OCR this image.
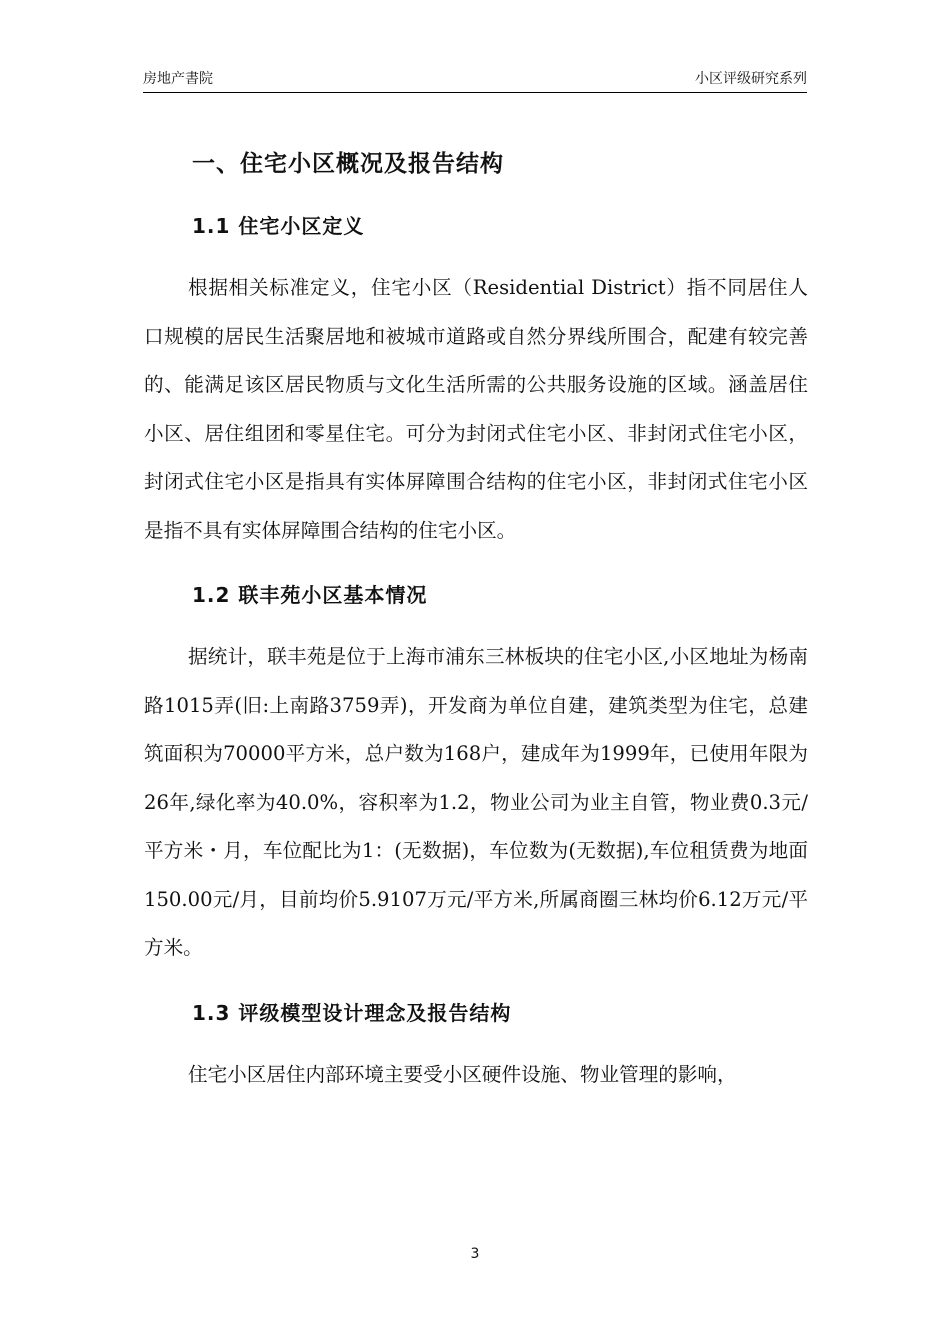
房地产書院	小区评级研究系列
一、住宅小区概况及报告结构
1.1 住宅小区定义

根据相关标准定义，住宅小区（Residential District）指不同居住人口规模的居民生活聚居地和被城市道路或自然分界线所围合，配建有较完善的、能满足该区居民物质与文化生活所需的公共服务设施的区域。涵盖居住小区、居住组团和零星住宅。可分为封闭式住宅小区、非封闭式住宅小区，封闭式住宅小区是指具有实体屏障围合结构的住宅小区，非封闭式住宅小区是指不具有实体屏障围合结构的住宅小区。

1.2 联丰苑小区基本情况

据统计，联丰苑是位于上海市浦东三林板块的住宅小区,小区地址为杨南路1015弄(旧:上南路3759弄)，开发商为单位自建，建筑类型为住宅，总建筑面积为70000平方米，总户数为168户，建成年为1999年，已使用年限为26年,绿化率为40.0%，容积率为1.2，物业公司为业主自管，物业费0.3元/平方米・月，车位配比为1：(无数据)，车位数为(无数据),车位租赁费为地面150.00元/月，目前均价5.9107万元/平方米,所属商圈三林均价6.12万元/平方米。

1.3 评级模型设计理念及报告结构

住宅小区居住内部环境主要受小区硬件设施、物业管理的影响，

3
